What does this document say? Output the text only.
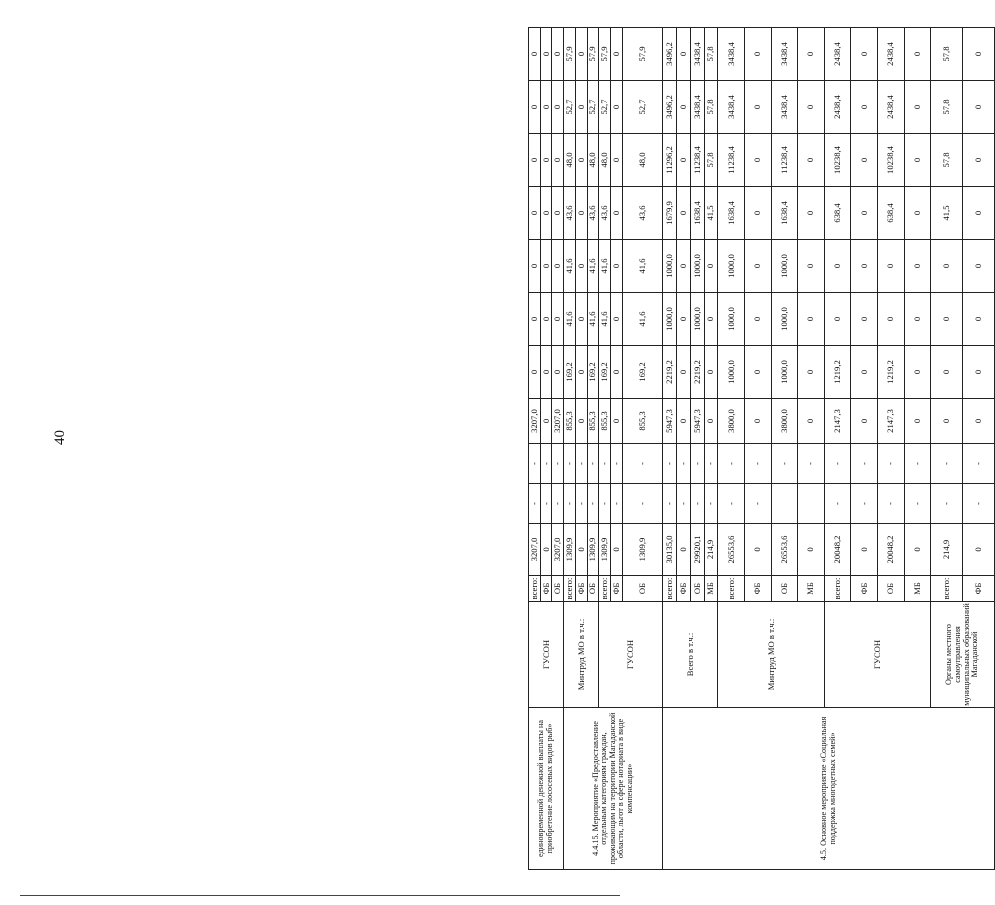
40
единовременной денежной выплаты на приобретение лососевых видов рыб»	ГУСОН	всего:	3207,0	-	-	3207,0	0	0	0	0	0	0	0
		ФБ	0	-	-	0	0	0	0	0	0	0	0
		ОБ	3207,0	-	-	3207,0	0	0	0	0	0	0	0
4.4.15. Мероприятие «Предоставление отдельным категориям граждан, проживающим на территории Магаданской области, льгот в сфере нотариата в виде компенсации»	Минтруд МО в т.ч.:	всего:	1309,9	-	-	855,3	169,2	41,6	41,6	43,6	48,0	52,7	57,9
		ФБ	0	-	-	0	0	0	0	0	0	0	0
		ОБ	1309,9	-	-	855,3	169,2	41,6	41,6	43,6	48,0	52,7	57,9
	ГУСОН	всего:	1309,9	-	-	855,3	169,2	41,6	41,6	43,6	48,0	52,7	57,9
		ФБ	0	-	-	0	0	0	0	0	0	0	0
		ОБ	1309,9	-	-	855,3	169,2	41,6	41,6	43,6	48,0	52,7	57,9
4.5. Основное мероприятие «Социальная поддержка многодетных семей»	Всего в т.ч.:	всего:	30135,0	-	-	5947,3	2219,2	1000,0	1000,0	1679,9	11296,2	3496,2	3496,2
		ФБ	0	-	-	0	0	0	0	0	0	0	0
		ОБ	29920,1	-	-	5947,3	2219,2	1000,0	1000,0	1638,4	11238,4	3438,4	3438,4
		МБ	214,9	-	-	0	0	0	0	41,5	57,8	57,8	57,8
	Минтруд МО в т.ч.:	всего:	26553,6	-	-	3800,0	1000,0	1000,0	1000,0	1638,4	11238,4	3438,4	3438,4
		ФБ	0	-	-	0	0	0	0	0	0	0	0
		ОБ	26553,6		-	3800,0	1000,0	1000,0	1000,0	1638,4	11238,4	3438,4	3438,4
		МБ	0		-	0	0	0	0	0	0	0	0
	ГУСОН	всего:	20048,2	-	-	2147,3	1219,2	0	0	638,4	10238,4	2438,4	2438,4
		ФБ	0	-	-	0	0	0	0	0	0	0	0
		ОБ	20048,2	-	-	2147,3	1219,2	0	0	638,4	10238,4	2438,4	2438,4
		МБ	0	-	-	0	0	0	0	0	0	0	0
	Органы местного самоуправления муниципальных образований Магаданской	всего:	214,9	-	-	0	0	0	0	41,5	57,8	57,8	57,8
		ФБ	0	-	-	0	0	0	0	0	0	0	0
